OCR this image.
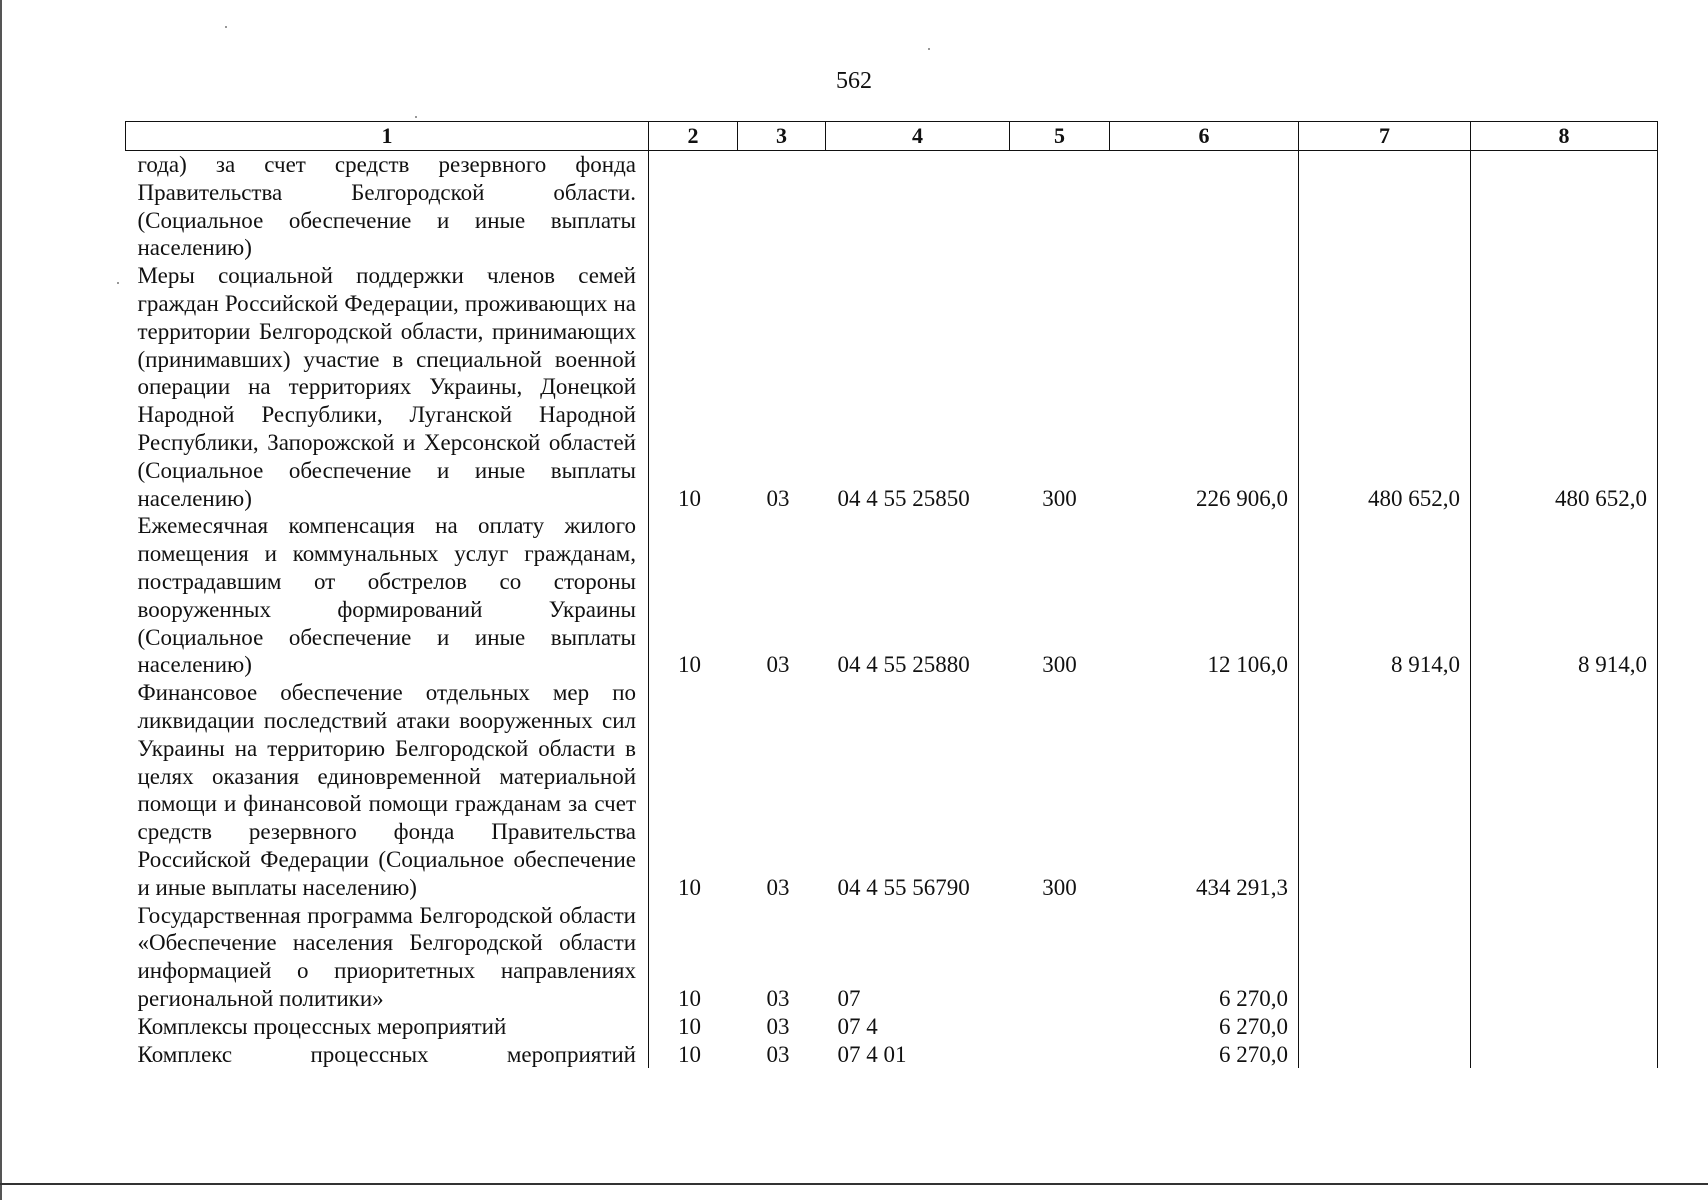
562
1	2	3	4	5	6	7	8
года) за счет средств резервного фонда Правительства Белгородской области. (Социальное обеспечение и иные выплаты населению)							
Меры социальной поддержки членов семей граждан Российской Федерации, проживающих на территории Белгородской области, принимающих (принимавших) участие в специальной военной операции на территориях Украины, Донецкой Народной Республики, Луганской Народной Республики, Запорожской и Херсонской областей (Социальное обеспечение и иные выплаты населению)	10	03	04 4 55 25850	300	226 906,0	480 652,0	480 652,0
Ежемесячная компенсация на оплату жилого помещения и коммунальных услуг гражданам, пострадавшим от обстрелов со стороны вооруженных формирований Украины (Социальное обеспечение и иные выплаты населению)	10	03	04 4 55 25880	300	12 106,0	8 914,0	8 914,0
Финансовое обеспечение отдельных мер по ликвидации последствий атаки вооруженных сил Украины на территорию Белгородской области в целях оказания единовременной материальной помощи и финансовой помощи гражданам за счет средств резервного фонда Правительства Российской Федерации (Социальное обеспечение и иные выплаты населению)	10	03	04 4 55 56790	300	434 291,3		
Государственная программа Белгородской области «Обеспечение населения Белгородской области информацией о приоритетных направлениях региональной политики»	10	03	07		6 270,0		
Комплексы процессных мероприятий	10	03	07 4		6 270,0		
Комплекс процессных мероприятий	10	03	07 4 01		6 270,0		
